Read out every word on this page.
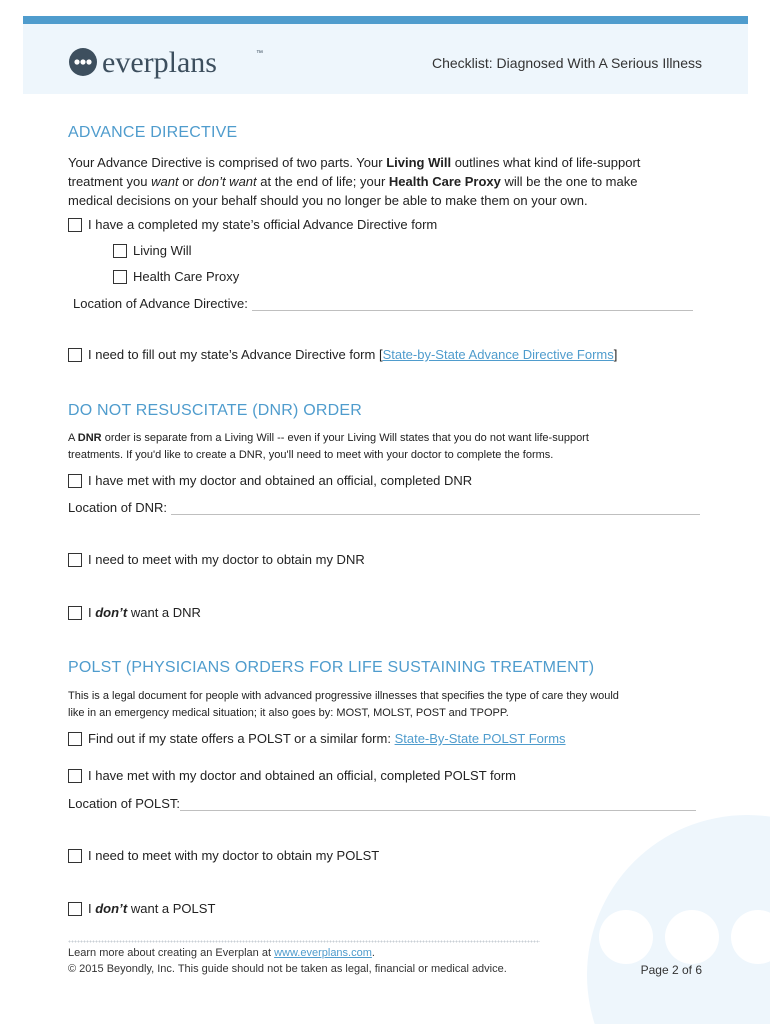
everplans	™
Checklist: Diagnosed With A Serious Illness
ADVANCE DIRECTIVE
Your Advance Directive is comprised of two parts. Your Living Will outlines what kind of life-support
treatment you want or don’t want at the end of life; your Health Care Proxy will be the one to make
medical decisions on your behalf should you no longer be able to make them on your own.
I have a completed my state’s official Advance Directive form
Living Will
Health Care Proxy
Location of Advance Directive:
I need to fill out my state’s Advance Directive form [State-by-State Advance Directive Forms]
DO NOT RESUSCITATE (DNR) ORDER
A DNR order is separate from a Living Will -- even if your Living Will states that you do not want life-support
treatments. If you'd like to create a DNR, you'll need to meet with your doctor to complete the forms.
I have met with my doctor and obtained an official, completed DNR
Location of DNR:
I need to meet with my doctor to obtain my DNR
I don’t want a DNR
POLST (PHYSICIANS ORDERS FOR LIFE SUSTAINING TREATMENT)
This is a legal document for people with advanced progressive illnesses that specifies the type of care they would
like in an emergency medical situation; it also goes by: MOST, MOLST, POST and TPOPP.
Find out if my state offers a POLST or a similar form: State-By-State POLST Forms
I have met with my doctor and obtained an official, completed POLST form
Location of POLST:
I need to meet with my doctor to obtain my POLST
I don’t want a POLST
Learn more about creating an Everplan at www.everplans.com.
© 2015 Beyondly, Inc. This guide should not be taken as legal, financial or medical advice.	Page 2 of 6
